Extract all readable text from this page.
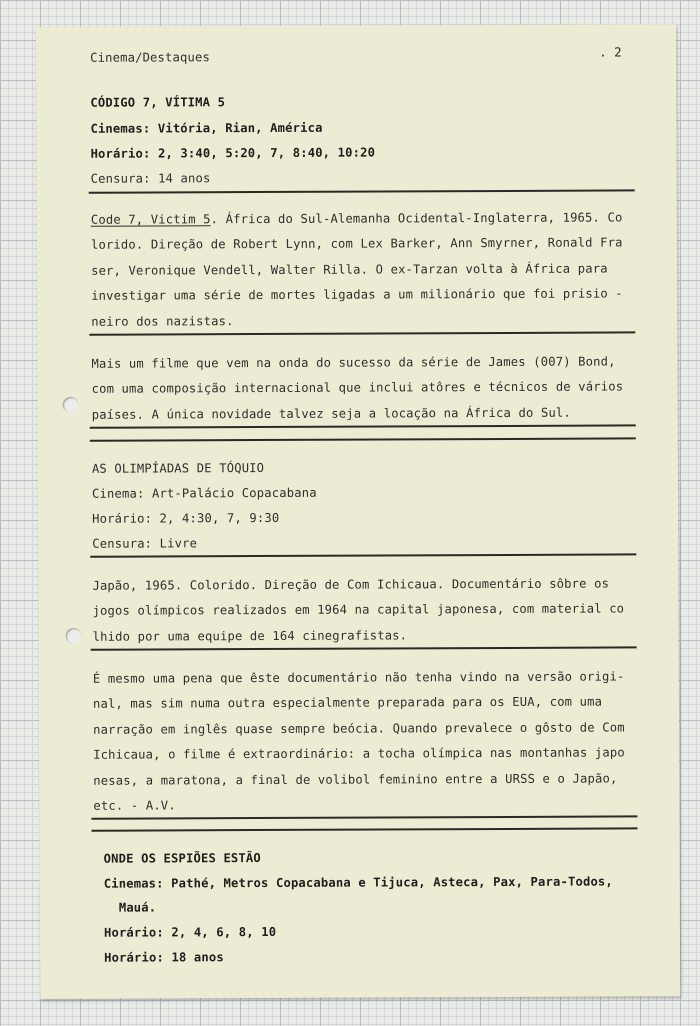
Cinema/Destaques	. 2
CÓDIGO 7, VÍTIMA 5
Cinemas: Vitória, Rian, América
Horário: 2, 3:40, 5:20, 7, 8:40, 10:20
Censura: 14 anos
Code 7, Victim 5. África do Sul-Alemanha Ocidental-Inglaterra, 1965. Co
lorido. Direção de Robert Lynn, com Lex Barker, Ann Smyrner, Ronald Fra
ser, Veronique Vendell, Walter Rilla. O ex-Tarzan volta à África para
investigar uma série de mortes ligadas a um milionário que foi prisio -
neiro dos nazistas.
Mais um filme que vem na onda do sucesso da série de James (007) Bond,
com uma composição internacional que inclui atôres e técnicos de vários
países. A única novidade talvez seja a locação na África do Sul.
AS OLIMPÍADAS DE TÓQUIO
Cinema: Art-Palácio Copacabana
Horário: 2, 4:30, 7, 9:30
Censura: Livre
Japão, 1965. Colorido. Direção de Com Ichicaua. Documentário sôbre os
jogos olímpicos realizados em 1964 na capital japonesa, com material co
lhido por uma equipe de 164 cinegrafistas.
É mesmo uma pena que êste documentário não tenha vindo na versão origi-
nal, mas sim numa outra especialmente preparada para os EUA, com uma
narração em inglês quase sempre beócia. Quando prevalece o gôsto de Com
Ichicaua, o filme é extraordinário: a tocha olímpica nas montanhas japo
nesas, a maratona, a final de volibol feminino entre a URSS e o Japão,
etc. - A.V.
ONDE OS ESPIÕES ESTÃO
Cinemas: Pathé, Metros Copacabana e Tijuca, Asteca, Pax, Para-Todos,
Mauá.
Horário: 2, 4, 6, 8, 10
Horário: 18 anos
